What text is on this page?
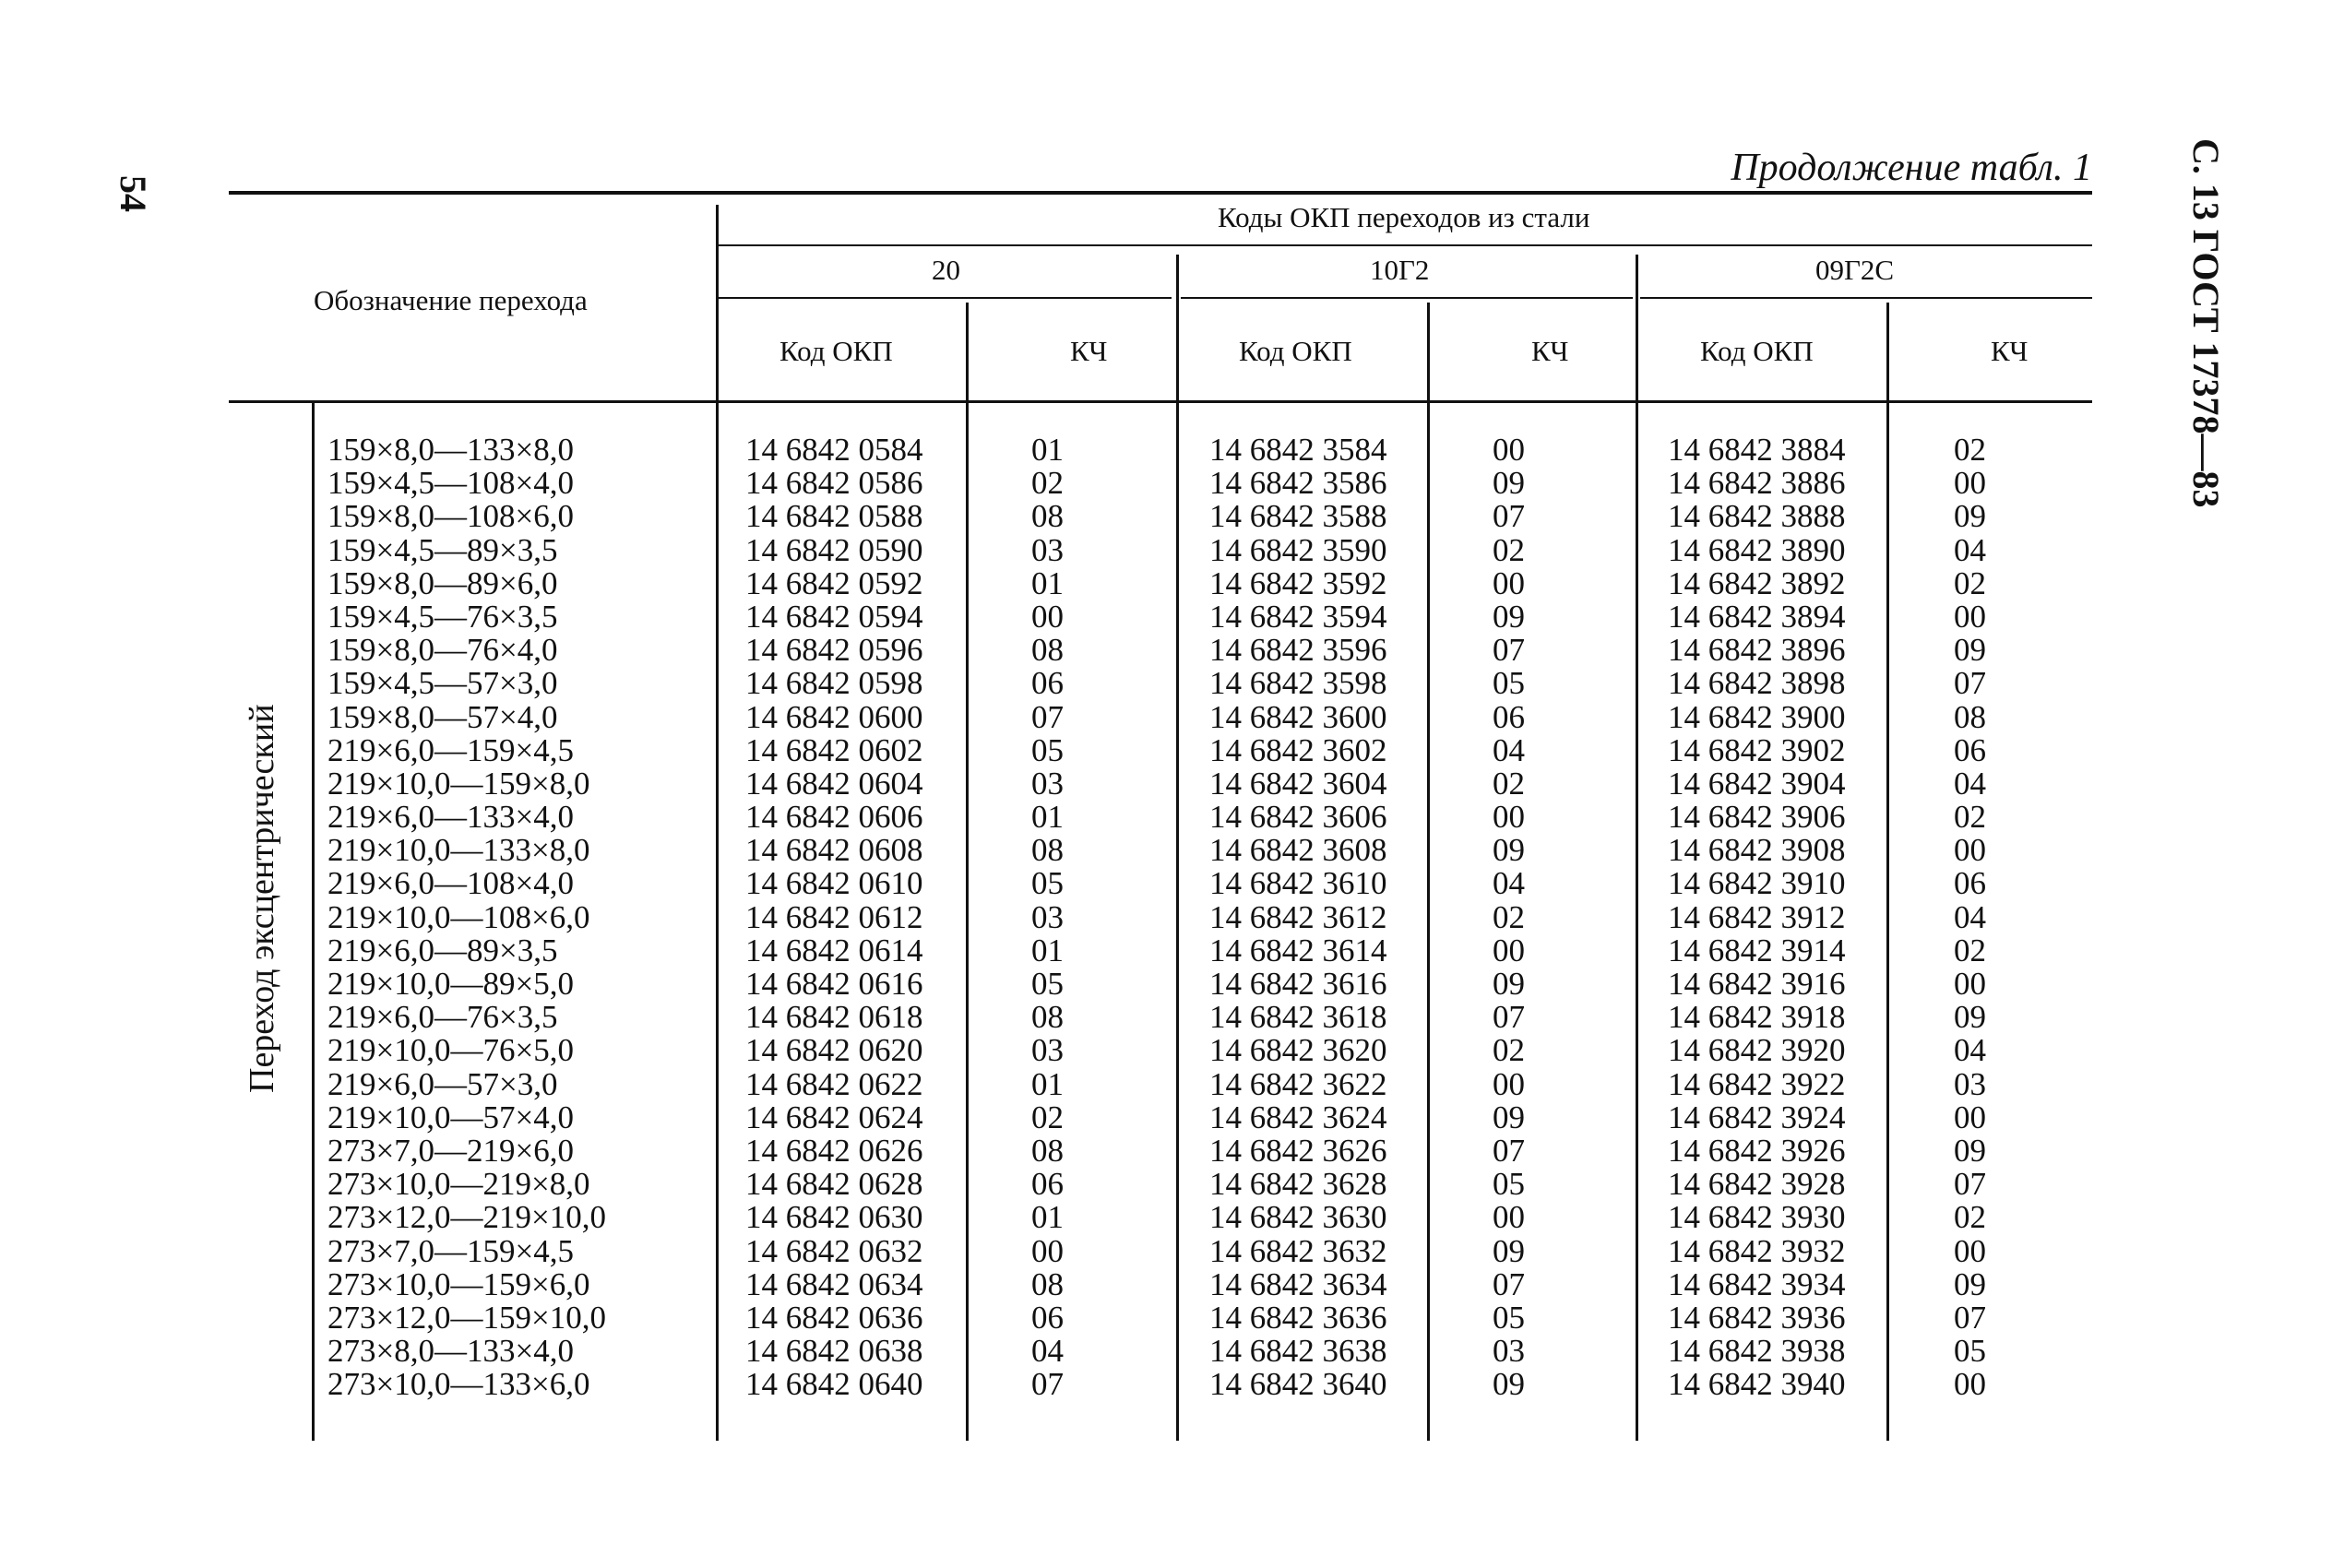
54
Продолжение табл. 1	С. 13 ГОСТ 17378—83
Обозначение перехода
Коды ОКП переходов из стали
20	10Г2	09Г2С
Код ОКП	КЧ	Код ОКП	КЧ	Код ОКП	КЧ
Переход эксцентрический
159×8,0—133×8,0	14 6842 0584	01	14 6842 3584	00	14 6842 3884	02
159×4,5—108×4,0	14 6842 0586	02	14 6842 3586	09	14 6842 3886	00
159×8,0—108×6,0	14 6842 0588	08	14 6842 3588	07	14 6842 3888	09
159×4,5—89×3,5	14 6842 0590	03	14 6842 3590	02	14 6842 3890	04
159×8,0—89×6,0	14 6842 0592	01	14 6842 3592	00	14 6842 3892	02
159×4,5—76×3,5	14 6842 0594	00	14 6842 3594	09	14 6842 3894	00
159×8,0—76×4,0	14 6842 0596	08	14 6842 3596	07	14 6842 3896	09
159×4,5—57×3,0	14 6842 0598	06	14 6842 3598	05	14 6842 3898	07
159×8,0—57×4,0	14 6842 0600	07	14 6842 3600	06	14 6842 3900	08
219×6,0—159×4,5	14 6842 0602	05	14 6842 3602	04	14 6842 3902	06
219×10,0—159×8,0	14 6842 0604	03	14 6842 3604	02	14 6842 3904	04
219×6,0—133×4,0	14 6842 0606	01	14 6842 3606	00	14 6842 3906	02
219×10,0—133×8,0	14 6842 0608	08	14 6842 3608	09	14 6842 3908	00
219×6,0—108×4,0	14 6842 0610	05	14 6842 3610	04	14 6842 3910	06
219×10,0—108×6,0	14 6842 0612	03	14 6842 3612	02	14 6842 3912	04
219×6,0—89×3,5	14 6842 0614	01	14 6842 3614	00	14 6842 3914	02
219×10,0—89×5,0	14 6842 0616	05	14 6842 3616	09	14 6842 3916	00
219×6,0—76×3,5	14 6842 0618	08	14 6842 3618	07	14 6842 3918	09
219×10,0—76×5,0	14 6842 0620	03	14 6842 3620	02	14 6842 3920	04
219×6,0—57×3,0	14 6842 0622	01	14 6842 3622	00	14 6842 3922	03
219×10,0—57×4,0	14 6842 0624	02	14 6842 3624	09	14 6842 3924	00
273×7,0—219×6,0	14 6842 0626	08	14 6842 3626	07	14 6842 3926	09
273×10,0—219×8,0	14 6842 0628	06	14 6842 3628	05	14 6842 3928	07
273×12,0—219×10,0	14 6842 0630	01	14 6842 3630	00	14 6842 3930	02
273×7,0—159×4,5	14 6842 0632	00	14 6842 3632	09	14 6842 3932	00
273×10,0—159×6,0	14 6842 0634	08	14 6842 3634	07	14 6842 3934	09
273×12,0—159×10,0	14 6842 0636	06	14 6842 3636	05	14 6842 3936	07
273×8,0—133×4,0	14 6842 0638	04	14 6842 3638	03	14 6842 3938	05
273×10,0—133×6,0	14 6842 0640	07	14 6842 3640	09	14 6842 3940	00
